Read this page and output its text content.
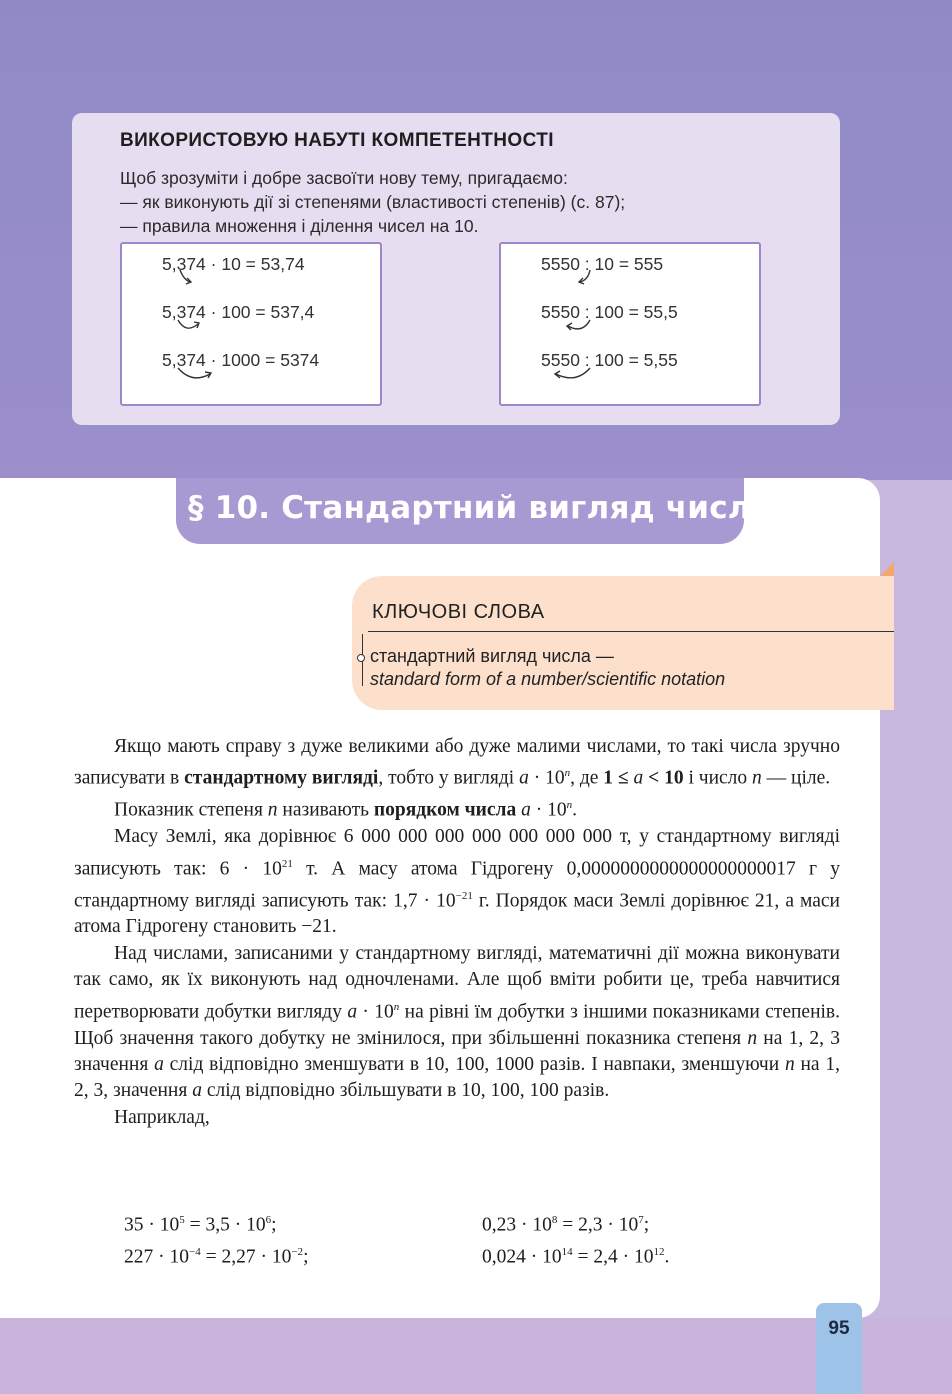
ВИКОРИСТОВУЮ НАБУТІ КОМПЕТЕНТНОСТІ
Щоб зрозуміти і добре засвоїти нову тему, пригадаємо:
— як виконують дії зі степенями (властивості степенів) (с. 87);
— правила множення і ділення чисел на 10.
5,374 · 10 = 53,74
5,374 · 100 = 537,4
5,374 · 1000 = 5374
5550 : 10 = 555
5550 : 100 = 55,5
5550 : 100 = 5,55
§ 10. Стандартний вигляд числа
КЛЮЧОВІ СЛОВА
стандартний вигляд числа —
standard form of a number/scientific notation

Якщо мають справу з дуже великими або дуже малими числами, то такі числа зручно записувати в стандартному вигляді, тобто у вигляді $a \cdot 10^n$, де 1 ≤ a < 10 і число n — ціле.

Показник степеня n називають порядком числа $a \cdot 10^n$.

Масу Землі, яка дорівнює 6 000 000 000 000 000 000 000 т, у стандартному вигляді записують так: $6 \cdot 10^{21}$ т. А масу атома Гідрогену 0,0000000000000000000017 г у стандартному вигляді записують так: $1,7 \cdot 10^{-21}$ г. Порядок маси Землі дорівнює 21, а маси атома Гідрогену становить −21.

Над числами, записаними у стандартному вигляді, математичні дії можна виконувати так само, як їх виконують над одночленами. Але щоб вміти робити це, треба навчитися перетворювати добутки вигляду $a \cdot 10^n$ на рівні їм добутки з іншими показниками степенів. Щоб значення такого добутку не змінилося, при збільшенні показника степеня n на 1, 2, 3 значення a слід відповідно зменшувати в 10, 100, 1000 разів. І навпаки, зменшуючи n на 1, 2, 3, значення a слід відповідно збільшувати в 10, 100, 100 разів.

Наприклад,

$35 \cdot 10^5 = 3,5 \cdot 10^6$;	$0,23 \cdot 10^8 = 2,3 \cdot 10^7$;
$227 \cdot 10^{-4} = 2,27 \cdot 10^{-2}$;	$0,024 \cdot 10^{14} = 2,4 \cdot 10^{12}$.
95
